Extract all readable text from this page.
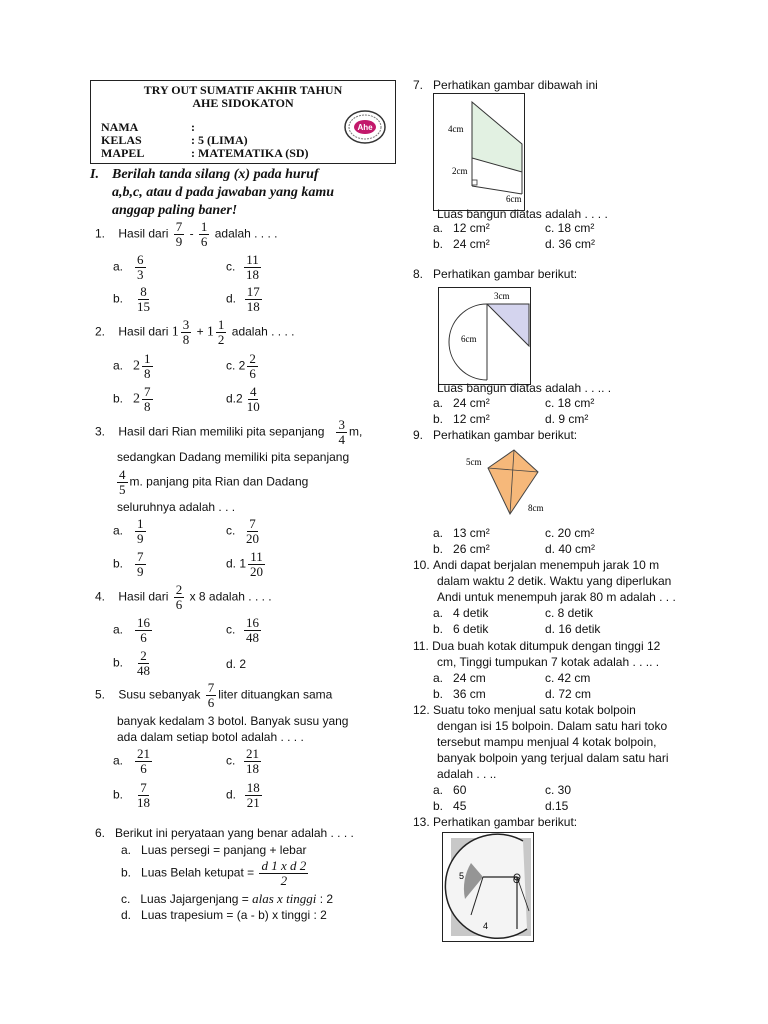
TRY OUT SUMATIF AKHIR TAHUN
AHE SIDOKATON
NAMA	:
KELAS	: 5 (LIMA)
MAPEL	: MATEMATIKA (SD)
Ahe
I. Berilah tanda silang (x) pada huruf
a,b,c, atau d pada jawaban yang kamu
anggap paling baner!
1. Hasil dari $\frac{7}{9} - \frac{1}{6}$ adalah . . . .
a. $\frac{6}{3}$
b. $\frac{8}{15}$
c. $\frac{11}{18}$
d. $\frac{17}{18}$
2. Hasil dari $1 \frac{3}{8} + 1 \frac{1}{2}$ adalah . . . .
a. $2 \frac{1}{8}$
b. $2 \frac{7}{8}$
c. $2 \frac{2}{6}$
$d.2 \frac{4}{10}$
3. Hasil dari Rian memiliki pita sepanjang $\frac{3}{4} m$,
sedangkan Dadang memiliki pita sepanjang
$\frac{4}{5} m$. panjang pita Rian dan Dadang
seluruhnya adalah . . .
a. $\frac{1}{9}$
b. $\frac{7}{9}$
c. $\frac{7}{20}$
d. $1 \frac{11}{20}$
4. Hasil dari $\frac{2}{6}$ x 8 adalah . . . .
a. $\frac{16}{6}$
b. $\frac{2}{48}$
c. $\frac{16}{48}$
d. 2
5. Susu sebanyak $\frac{7}{6}$ liter dituangkan sama
banyak kedalam 3 botol. Banyak susu yang
ada dalam setiap botol adalah . . . .
a. $\frac{21}{6}$
b. $\frac{7}{18}$
c. $\frac{21}{18}$
d. $\frac{18}{21}$
6. Berikut ini peryataan yang benar adalah . . . .
a. Luas persegi = panjang + lebar
b. Luas Belah ketupat = $\frac{\text{d 1 x d 2}}{2}$
c. Luas Jajargenjang = alas x tinggi : 2
d. Luas trapesium = (a - b) x tinggi : 2
7. Perhatikan gambar dibawah ini
4cm
2cm
6cm
Luas bangun diatas adalah . . . .
a. 12 cm²
b. 24 cm²
c. 18 cm²
d. 36 cm²
8. Perhatikan gambar berikut:
3cm
6cm
Luas bangun diatas adalah . . .. .
a. 24 cm²
b. 12 cm²
c. 18 cm²
d. 9 cm²
9. Perhatikan gambar berikut:
5cm
8cm
a. 13 cm²
b. 26 cm²
c. 20 cm²
d. 40 cm²
10. Andi dapat berjalan menempuh jarak 10 m
dalam waktu 2 detik. Waktu yang diperlukan
Andi untuk menempuh jarak 80 m adalah . . .
a. 4 detik
b. 6 detik
c. 8 detik
d. 16 detik
11. Dua buah kotak ditumpuk dengan tinggi 12
cm, Tinggi tumpukan 7 kotak adalah . . .. .
a. 24 cm
b. 36 cm
c. 42 cm
d. 72 cm
12. Suatu toko menjual satu kotak bolpoin
dengan isi 15 bolpoin. Dalam satu hari toko
tersebut mampu menjual 4 kotak bolpoin,
banyak bolpoin yang terjual dalam satu hari
adalah . . ..
a. 60
b. 45
c. 30
d.15
13. Perhatikan gambar berikut:
5	O
4
